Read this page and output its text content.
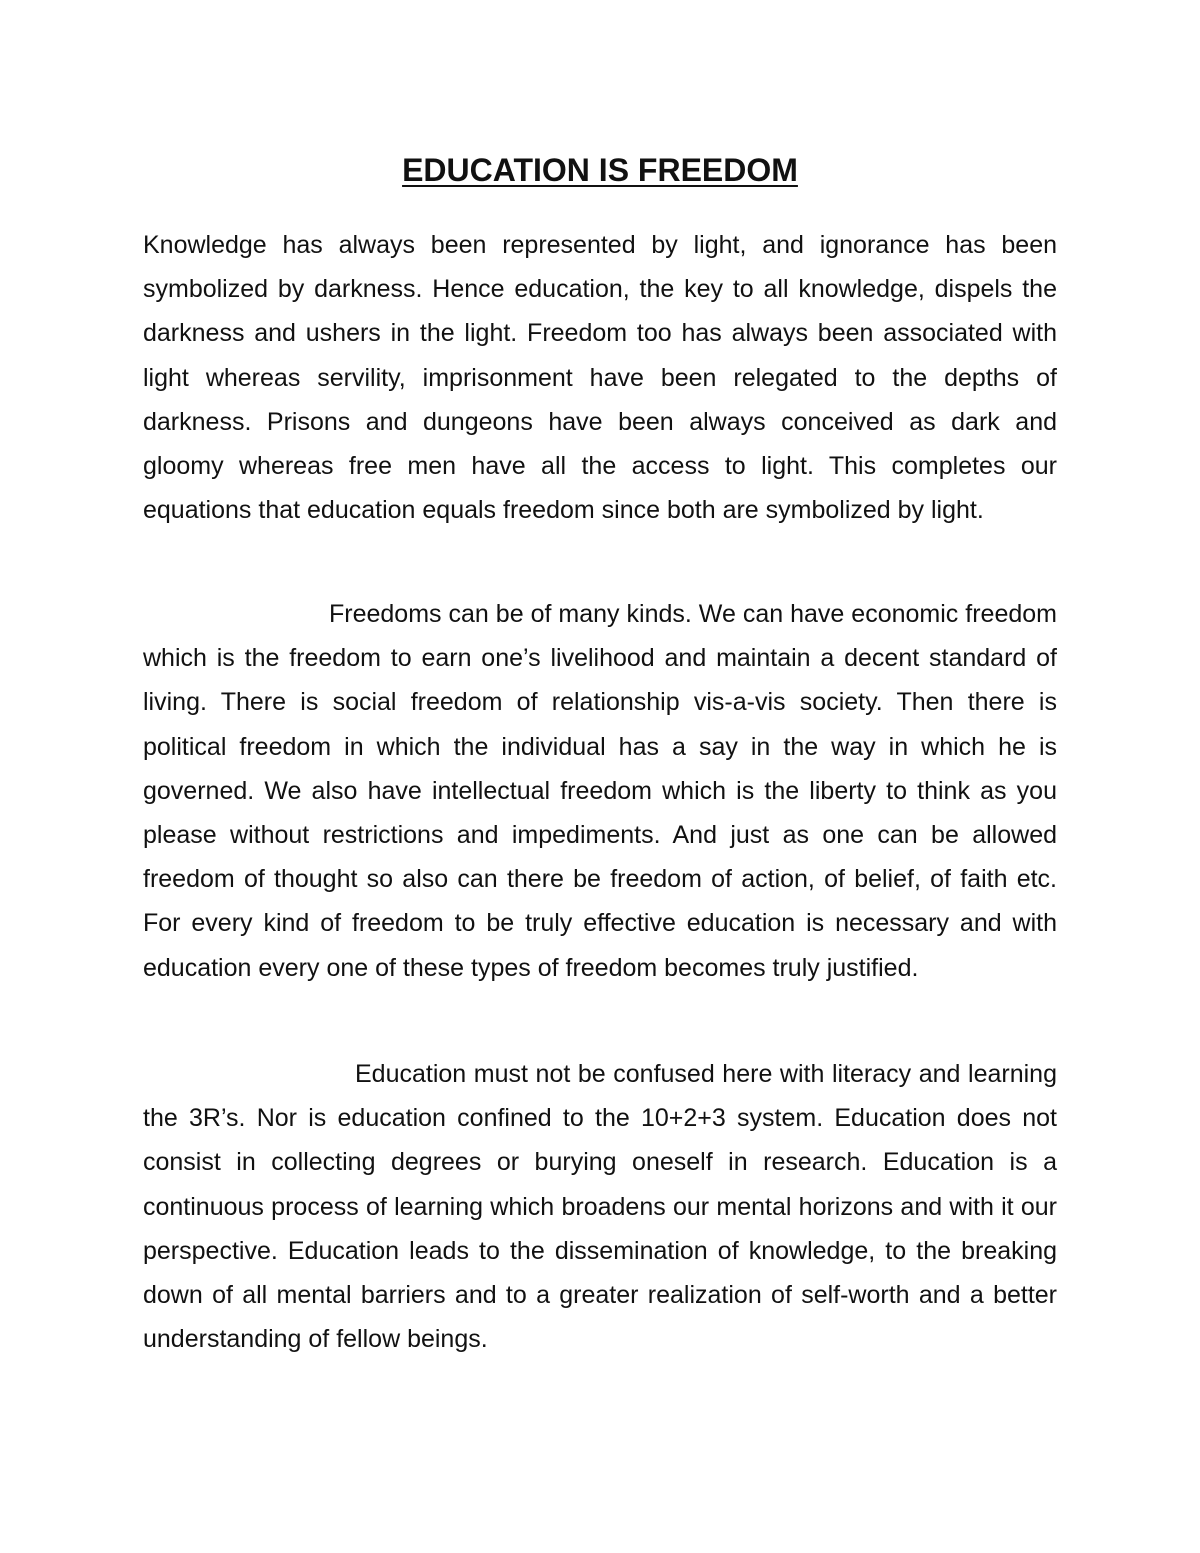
EDUCATION IS FREEDOM

Knowledge has always been represented by light, and ignorance has been symbolized by darkness. Hence education, the key to all knowledge, dispels the darkness and ushers in the light. Freedom too has always been associated with light whereas servility, imprisonment have been relegated to the depths of darkness. Prisons and dungeons have been always conceived as dark and gloomy whereas free men have all the access to light. This completes our equations that education equals freedom since both are symbolized by light.

Freedoms can be of many kinds. We can have economic freedom which is the freedom to earn one’s livelihood and maintain a decent standard of living. There is social freedom of relationship vis-a-vis society. Then there is political freedom in which the individual has a say in the way in which he is governed. We also have intellectual freedom which is the liberty to think as you please without restrictions and impediments. And just as one can be allowed freedom of thought so also can there be freedom of action, of belief, of faith etc. For every kind of freedom to be truly effective education is necessary and with education every one of these types of freedom becomes truly justified.

Education must not be confused here with literacy and learning the 3R’s. Nor is education confined to the 10+2+3 system. Education does not consist in collecting degrees or burying oneself in research. Education is a continuous process of learning which broadens our mental horizons and with it our perspective. Education leads to the dissemination of knowledge, to the breaking down of all mental barriers and to a greater realization of self-worth and a better understanding of fellow beings.
